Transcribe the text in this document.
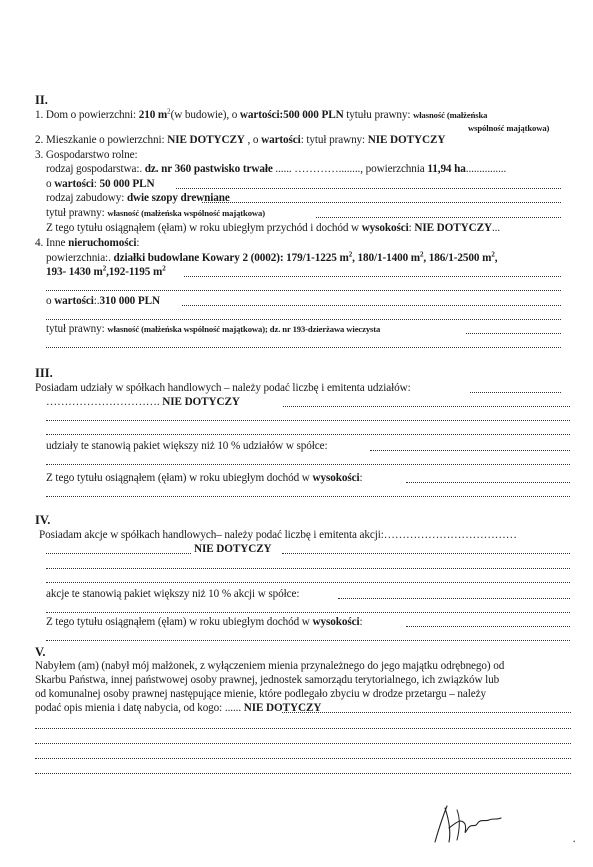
II.
1. Dom o powierzchni: 210 $m^2(w$ budowie), o wartości:500 000 PLN tytułu prawny: własność (małżeńska
wspólność majątkowa)
2. Mieszkanie o powierzchni: NIE DOTYCZY , o wartości: tytuł prawny: NIE DOTYCZY
3. Gospodarstwo rolne:
rodzaj gospodarstwa:. dz. nr 360 pastwisko trwałe ...... …………........, powierzchnia 11,94 ha...............
o wartości: 50 000 PLN
rodzaj zabudowy: dwie szopy drewniane
tytuł prawny: własność (małżeńska wspólność majątkowa)
Z tego tytułu osiągnąłem (ęłam) w roku ubiegłym przychód i dochód w wysokości: NIE DOTYCZY...
4. Inne nieruchomości:
powierzchnia:. działki budowlane Kowary 2 (0002): 179/1-1225 $m^2$, 180/1-1400 $m^2$, 186/1-2500 $m^2$,
193- 1430 $m^2,192-1195$ $m^2$
o wartości:.310 000 PLN
tytuł prawny: własność (małżeńska wspólność majątkowa); dz. nr 193-dzierżawa wieczysta
III.
Posiadam udziały w spółkach handlowych – należy podać liczbę i emitenta udziałów:
…………………………. NIE DOTYCZY
udziały te stanowią pakiet większy niż 10 % udziałów w spółce:
Z tego tytułu osiągnąłem (ęłam) w roku ubiegłym dochód w wysokości:
IV.
Posiadam akcje w spółkach handlowych– należy podać liczbę i emitenta akcji:………………………………
NIE DOTYCZY
akcje te stanowią pakiet większy niż 10 % akcji w spółce:
Z tego tytułu osiągnąłem (ęłam) w roku ubiegłym dochód w wysokości:
V.
Nabyłem (am) (nabył mój małżonek, z wyłączeniem mienia przynależnego do jego majątku odrębnego) od
Skarbu Państwa, innej państwowej osoby prawnej, jednostek samorządu terytorialnego, ich związków lub
od komunalnej osoby prawnej następujące mienie, które podlegało zbyciu w drodze przetargu – należy
podać opis mienia i datę nabycia, od kogo: ...... NIE DOTYCZY
•
